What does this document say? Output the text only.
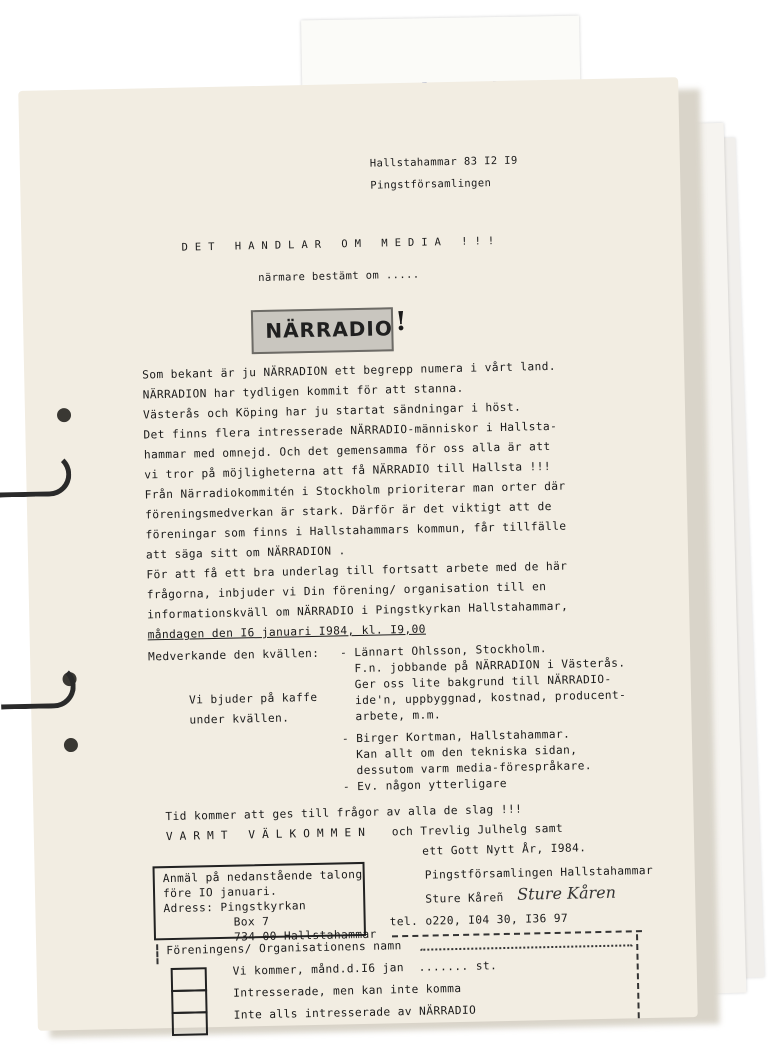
Hallstahammar 83 I2 I9
Pingstförsamlingen
DET HANDLAR OM MEDIA !!!
närmare bestämt om .....
NÄRRADIO !
Som bekant är ju NÄRRADION ett begrepp numera i vårt land.
NÄRRADION har tydligen kommit för att stanna.
Västerås och Köping har ju startat sändningar i höst.
Det finns flera intresserade NÄRRADIO-människor i Hallsta-
hammar med omnejd. Och det gemensamma för oss alla är att
vi tror på möjligheterna att få NÄRRADIO till Hallsta !!!
Från Närradiokommitén i Stockholm prioriterar man orter där
föreningsmedverkan är stark. Därför är det viktigt att de
föreningar som finns i Hallstahammars kommun, får tillfälle
att säga sitt om NÄRRADION .
För att få ett bra underlag till fortsatt arbete med de här
frågorna, inbjuder vi Din förening/ organisation till en
informationskväll om NÄRRADIO i Pingstkyrkan Hallstahammar,
måndagen den I6 januari I984, kl. I9,00
Medverkande den kvällen: - Lännart Ohlsson, Stockholm.
F.n. jobbande på NÄRRADION i Västerås.
Ger oss lite bakgrund till NÄRRADIO-
ide'n, uppbyggnad, kostnad, producent-
arbete, m.m.
Vi bjuder på kaffe
under kvällen.
- Birger Kortman, Hallstahammar.
Kan allt om den tekniska sidan,
dessutom varm media-förespråkare.
- Ev. någon ytterligare
Tid kommer att ges till frågor av alla de slag !!!
VARMT VÄLKOMMEN och Trevlig Julhelg samt
ett Gott Nytt År, I984.
Anmäl på nedanstående talong
före IO januari.
Adress: Pingstkyrkan
Box 7
734 00 Hallstahammar
Pingstförsamlingen Hallstahammar
Sture Kåreñ Sture Kåren
tel. o220, I04 30, I36 97
Föreningens/ Organisationens namn
Vi kommer, månd.d.I6 jan ....... st.
Intresserade, men kan inte komma
Inte alls intresserade av NÄRRADIO
